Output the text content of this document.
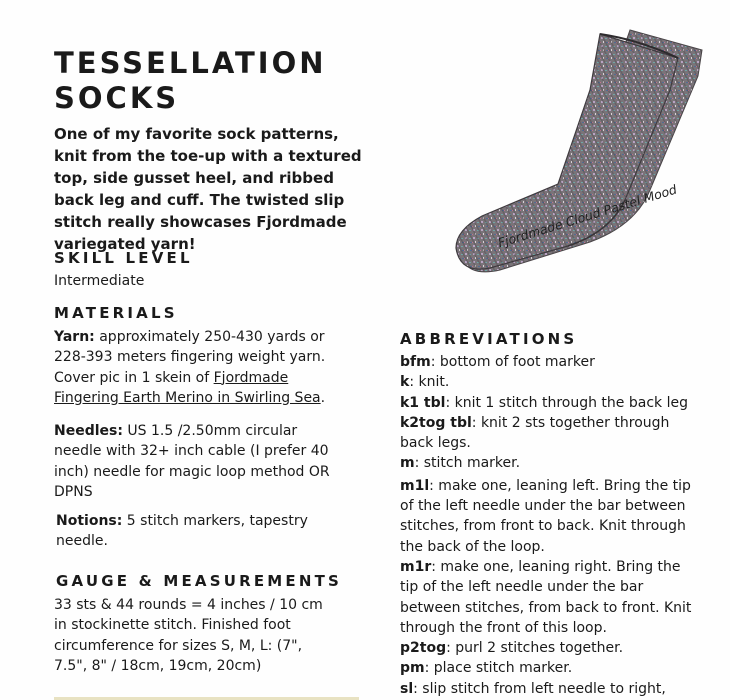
TESSELLATION
SOCKS

One of my favorite sock patterns, knit from the toe-up with a textured top, side gusset heel, and ribbed back leg and cuff. The twisted slip stitch really showcases Fjordmade variegated yarn!

SKILL LEVEL

Intermediate

MATERIALS

Yarn: approximately 250-430 yards or 228-393 meters fingering weight yarn. Cover pic in 1 skein of Fjordmade Fingering Earth Merino in Swirling Sea.

Needles: US 1.5 /2.50mm circular needle with 32+ inch cable (I prefer 40 inch) needle for magic loop method OR DPNS

Notions: 5 stitch markers, tapestry needle.

GAUGE & MEASUREMENTS

33 sts & 44 rounds = 4 inches / 10 cm in stockinette stitch. Finished foot circumference for sizes S, M, L: (7", 7.5", 8" / 18cm, 19cm, 20cm)

Fjordmade Cloud Pastel Mood
ABBREVIATIONS

bfm: bottom of foot marker

k: knit.

k1 tbl: knit 1 stitch through the back leg

k2tog tbl: knit 2 sts together through back legs.

m: stitch marker.

m1l: make one, leaning left. Bring the tip of the left needle under the bar between stitches, from front to back. Knit through the back of the loop.

m1r: make one, leaning right. Bring the tip of the left needle under the bar between stitches, from back to front. Knit through the front of this loop.

p2tog: purl 2 stitches together.

pm: place stitch marker.

sl: slip stitch from left needle to right,
